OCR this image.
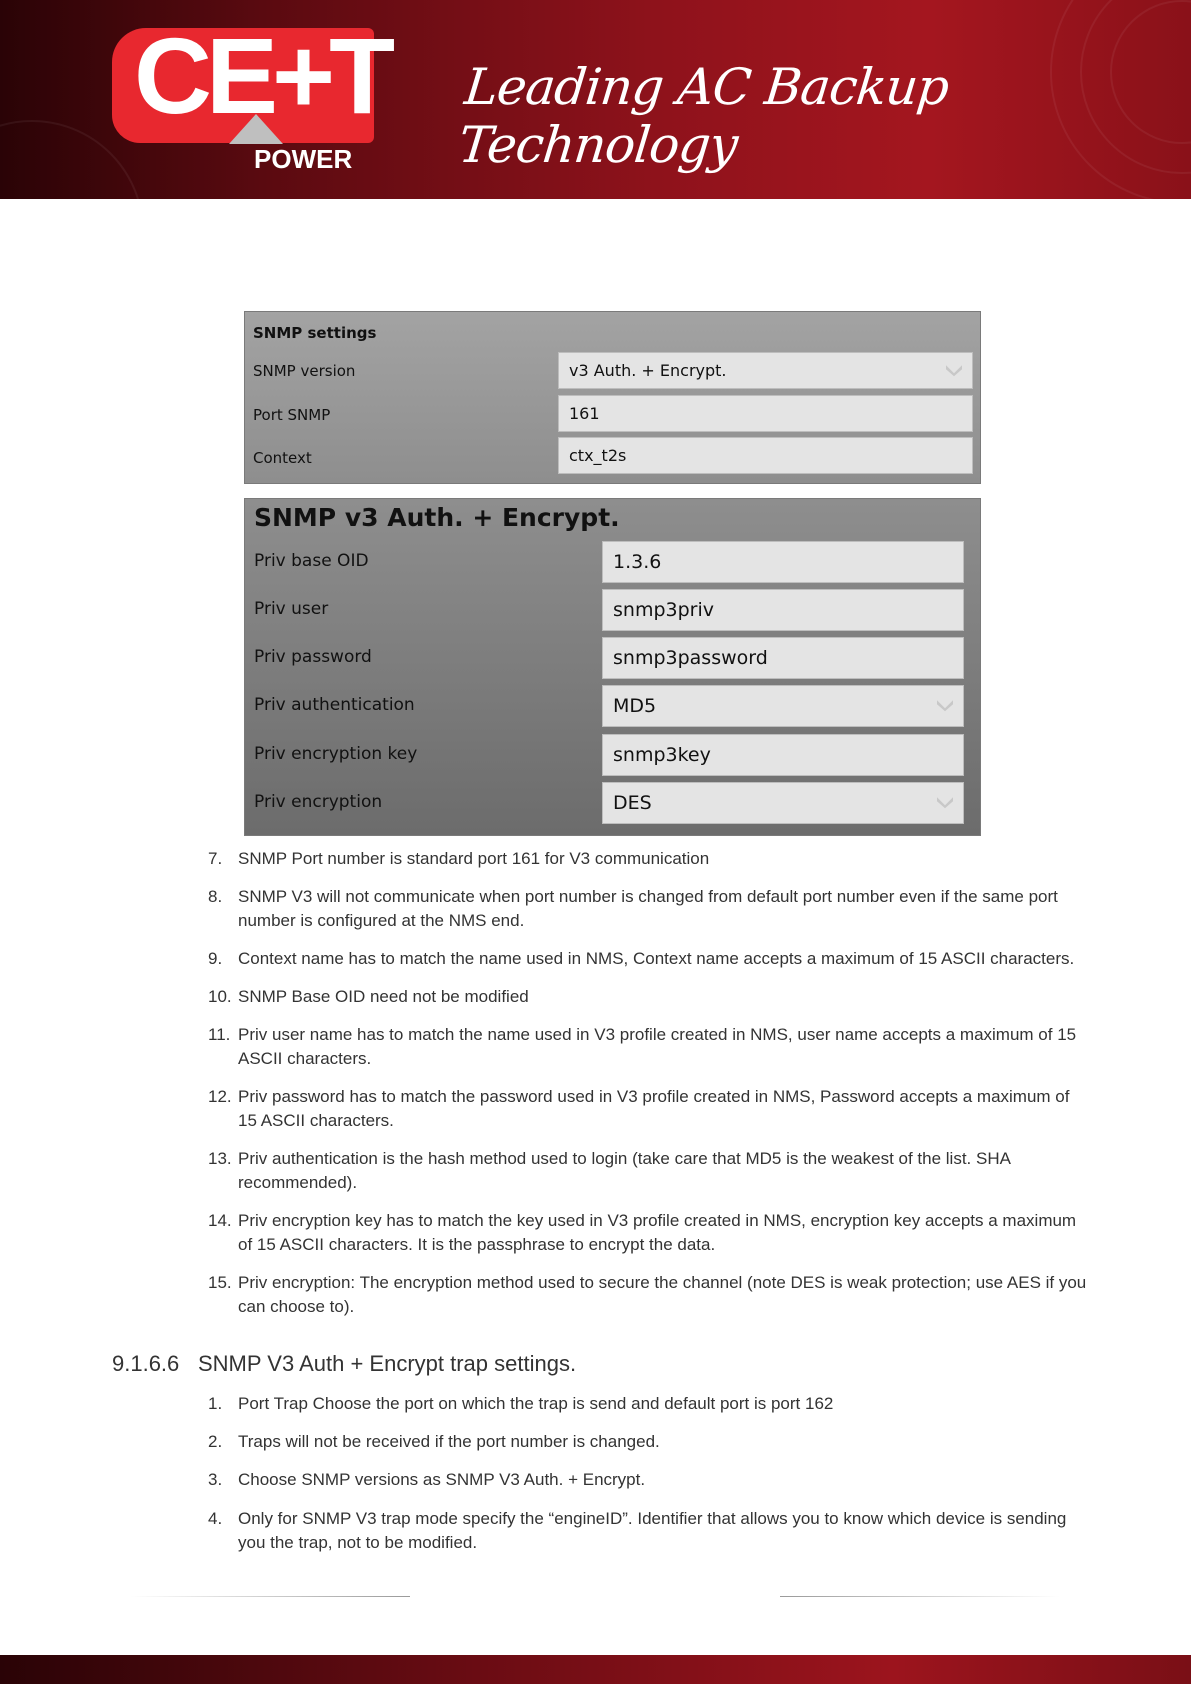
CE+T
POWER
Leading AC Backup Technology
SNMP settings
SNMP version	v3 Auth. + Encrypt.
Port SNMP	161
Context	ctx_t2s
SNMP v3 Auth. + Encrypt.
Priv base OID	1.3.6
Priv user	snmp3priv
Priv password	snmp3password
Priv authentication	MD5
Priv encryption key	snmp3key
Priv encryption	DES
7. SNMP Port number is standard port 161 for V3 communication
8. SNMP V3 will not communicate when port number is changed from default port number even if the same port number is configured at the NMS end.
9. Context name has to match the name used in NMS, Context name accepts a maximum of 15 ASCII characters.
10. SNMP Base OID need not be modified
11. Priv user name has to match the name used in V3 profile created in NMS, user name accepts a maximum of 15 ASCII characters.
12. Priv password has to match the password used in V3 profile created in NMS, Password accepts a maximum of 15 ASCII characters.
13. Priv authentication is the hash method used to login (take care that MD5 is the weakest of the list. SHA recommended).
14. Priv encryption key has to match the key used in V3 profile created in NMS, encryption key accepts a maximum of 15 ASCII characters. It is the passphrase to encrypt the data.
15. Priv encryption: The encryption method used to secure the channel (note DES is weak protection; use AES if you can choose to).
9.1.6.6 SNMP V3 Auth + Encrypt trap settings.
1. Port Trap Choose the port on which the trap is send and default port is port 162
2. Traps will not be received if the port number is changed.
3. Choose SNMP versions as SNMP V3 Auth. + Encrypt.
4. Only for SNMP V3 trap mode specify the “engineID”. Identifier that allows you to know which device is sending you the trap, not to be modified.
